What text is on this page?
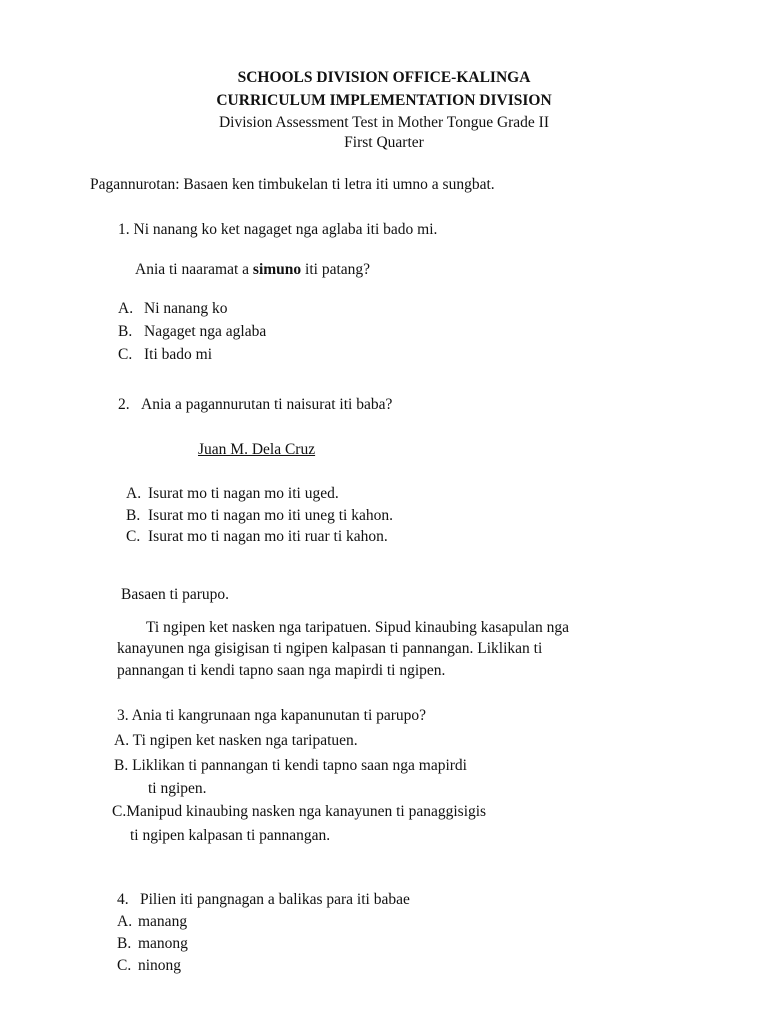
SCHOOLS DIVISION OFFICE-KALINGA
CURRICULUM IMPLEMENTATION DIVISION
Division Assessment Test in Mother Tongue Grade II
First Quarter
Pagannurotan: Basaen ken timbukelan ti letra iti umno a sungbat.
1. Ni nanang ko ket nagaget nga aglaba iti bado mi.
Ania ti naaramat a simuno iti patang?
A. Ni nanang ko
B. Nagaget nga aglaba
C. Iti bado mi
2. Ania a pagannurutan ti naisurat iti baba?
Juan M. Dela Cruz
A. Isurat mo ti nagan mo iti uged.
B. Isurat mo ti nagan mo iti uneg ti kahon.
C. Isurat mo ti nagan mo iti ruar ti kahon.
Basaen ti parupo.
Ti ngipen ket nasken nga taripatuen. Sipud kinaubing kasapulan nga
kanayunen nga gisigisan ti ngipen kalpasan ti pannangan. Liklikan ti
pannangan ti kendi tapno saan nga mapirdi ti ngipen.
3. Ania ti kangrunaan nga kapanunutan ti parupo?
A. Ti ngipen ket nasken nga taripatuen.
B. Liklikan ti pannangan ti kendi tapno saan nga mapirdi
ti ngipen.
C.Manipud kinaubing nasken nga kanayunen ti panaggisigis
ti ngipen kalpasan ti pannangan.
4. Pilien iti pangnagan a balikas para iti babae
A. manang
B. manong
C. ninong
